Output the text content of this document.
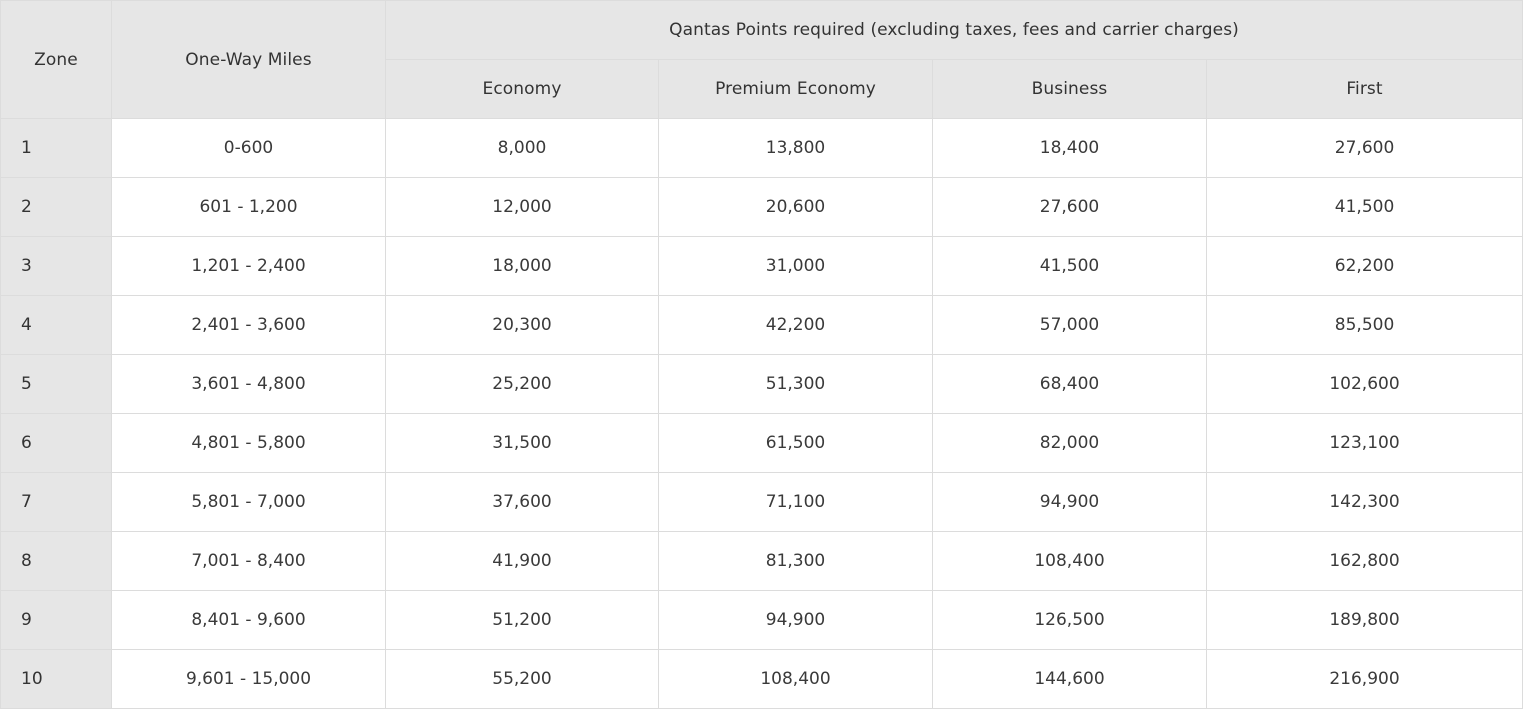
Zone	One-Way Miles	Qantas Points required (excluding taxes, fees and carrier charges)			
		Economy	Premium Economy	Business	First
1	0-600	8,000	13,800	18,400	27,600
2	601 - 1,200	12,000	20,600	27,600	41,500
3	1,201 - 2,400	18,000	31,000	41,500	62,200
4	2,401 - 3,600	20,300	42,200	57,000	85,500
5	3,601 - 4,800	25,200	51,300	68,400	102,600
6	4,801 - 5,800	31,500	61,500	82,000	123,100
7	5,801 - 7,000	37,600	71,100	94,900	142,300
8	7,001 - 8,400	41,900	81,300	108,400	162,800
9	8,401 - 9,600	51,200	94,900	126,500	189,800
10	9,601 - 15,000	55,200	108,400	144,600	216,900
